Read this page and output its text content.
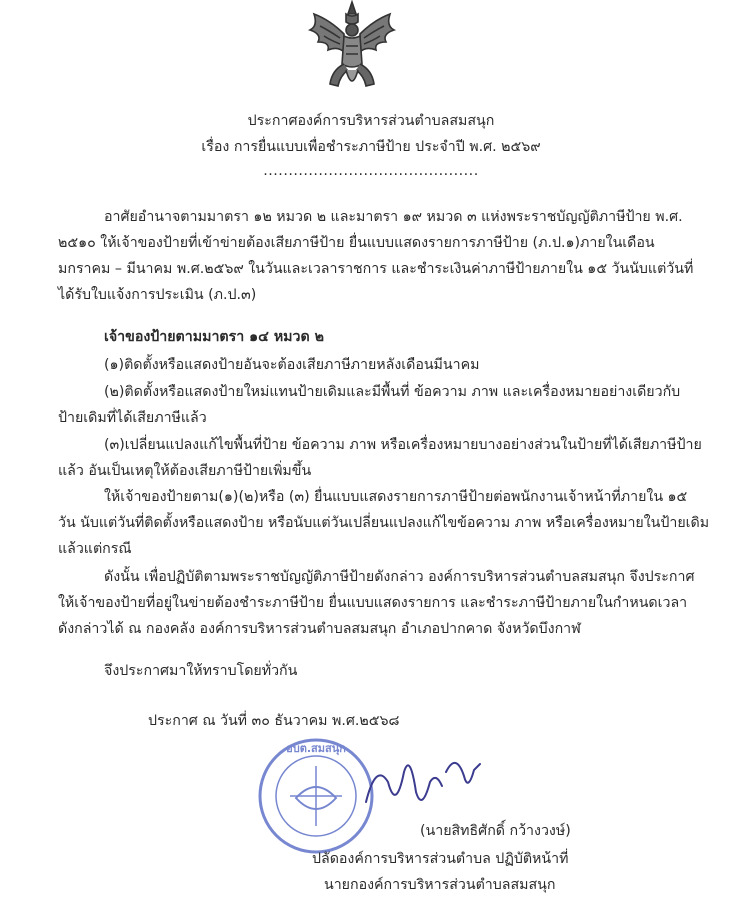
ประกาศองค์การบริหารส่วนตำบลสมสนุก
เรื่อง การยื่นแบบเพื่อชำระภาษีป้าย ประจำปี พ.ศ. ๒๕๖๙
...........................................
อาศัยอำนาจตามมาตรา ๑๒ หมวด ๒ และมาตรา ๑๙ หมวด ๓ แห่งพระราชบัญญัติภาษีป้าย พ.ศ.
๒๕๑๐ ให้เจ้าของป้ายที่เข้าข่ายต้องเสียภาษีป้าย ยื่นแบบแสดงรายการภาษีป้าย (ภ.ป.๑)ภายในเดือน
มกราคม – มีนาคม พ.ศ.๒๕๖๙ ในวันและเวลาราชการ และชำระเงินค่าภาษีป้ายภายใน ๑๕ วันนับแต่วันที่
ได้รับใบแจ้งการประเมิน (ภ.ป.๓)
เจ้าของป้ายตามมาตรา ๑๔ หมวด ๒
(๑)ติดตั้งหรือแสดงป้ายอันจะต้องเสียภาษีภายหลังเดือนมีนาคม
(๒)ติดตั้งหรือแสดงป้ายใหม่แทนป้ายเดิมและมีพื้นที่ ข้อความ ภาพ และเครื่องหมายอย่างเดียวกับ
ป้ายเดิมที่ได้เสียภาษีแล้ว
(๓)เปลี่ยนแปลงแก้ไขพื้นที่ป้าย ข้อความ ภาพ หรือเครื่องหมายบางอย่างส่วนในป้ายที่ได้เสียภาษีป้าย
แล้ว อันเป็นเหตุให้ต้องเสียภาษีป้ายเพิ่มขึ้น
ให้เจ้าของป้ายตาม(๑)(๒)หรือ (๓) ยื่นแบบแสดงรายการภาษีป้ายต่อพนักงานเจ้าหน้าที่ภายใน ๑๕
วัน นับแต่วันที่ติดตั้งหรือแสดงป้าย หรือนับแต่วันเปลี่ยนแปลงแก้ไขข้อความ ภาพ หรือเครื่องหมายในป้ายเดิม
แล้วแต่กรณี
ดังนั้น เพื่อปฏิบัติตามพระราชบัญญัติภาษีป้ายดังกล่าว องค์การบริหารส่วนตำบลสมสนุก จึงประกาศ
ให้เจ้าของป้ายที่อยู่ในข่ายต้องชำระภาษีป้าย ยื่นแบบแสดงรายการ และชำระภาษีป้ายภายในกำหนดเวลา
ดังกล่าวได้ ณ กองคลัง องค์การบริหารส่วนตำบลสมสนุก อำเภอปากคาด จังหวัดบึงกาฬ
จึงประกาศมาให้ทราบโดยทั่วกัน
ประกาศ ณ วันที่ ๓๐ ธันวาคม พ.ศ.๒๕๖๘
อบต.สมสนุก
(นายสิทธิศักดิ์ กว้างวงษ์)
ปลัดองค์การบริหารส่วนตำบล ปฏิบัติหน้าที่
นายกองค์การบริหารส่วนตำบลสมสนุก
